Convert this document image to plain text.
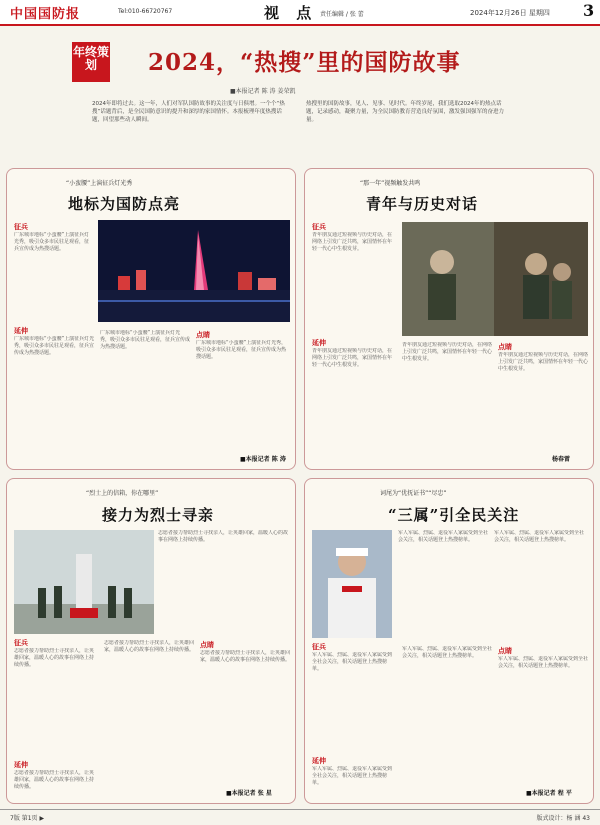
中国国防报	Tel:010-66720767	视 点 责任编辑 / 张 蕾	2024年12月26日 星期四 3
年终策划	2024，“热搜”里的国防故事
■本报记者 陈 涛 姜荣凯
2024年即将过去。这一年，人们对军队国防故事的关注度与日俱增。一个个“热搜”话题背后，是全民国防意识的提升和深厚的家国情怀。本报梳理年度热搜话题，回望那些动人瞬间。
热搜里的国防故事，见人、见事、见时代。年终岁尾，我们选取2024年的热点话题，记录感动，凝聚力量，为全民国防教育营造良好氛围，激发强国强军的奋进力量。
“小蛮腰”上演征兵灯光秀
地标为国防点亮
征兵
广东城市地标“小蛮腰”上演征兵灯光秀，吸引众多市民驻足观看，征兵宣传成为热搜话题。
延伸
广东城市地标“小蛮腰”上演征兵灯光秀，吸引众多市民驻足观看，征兵宣传成为热搜话题。
广东城市地标“小蛮腰”上演征兵灯光秀，吸引众多市民驻足观看，征兵宣传成为热搜话题。
点睛
广东城市地标“小蛮腰”上演征兵灯光秀，吸引众多市民驻足观看，征兵宣传成为热搜话题。
■本报记者 陈 涛
“那一年”视频触发共鸣
青年与历史对话
征兵
青年朋友通过短视频与历史对话，在网络上引发广泛共鸣，家国情怀在年轻一代心中生根发芽。
延伸
青年朋友通过短视频与历史对话，在网络上引发广泛共鸣，家国情怀在年轻一代心中生根发芽。
青年朋友通过短视频与历史对话，在网络上引发广泛共鸣，家国情怀在年轻一代心中生根发芽。
点睛
青年朋友通过短视频与历史对话，在网络上引发广泛共鸣，家国情怀在年轻一代心中生根发芽。
杨春雷
“烈士上的信箱，你在哪里”
接力为烈士寻亲
征兵
志愿者接力帮助烈士寻找亲人，让英雄回家，温暖人心的故事在网络上持续传播。
延伸
志愿者接力帮助烈士寻找亲人，让英雄回家，温暖人心的故事在网络上持续传播。
志愿者接力帮助烈士寻找亲人，让英雄回家，温暖人心的故事在网络上持续传播。
志愿者接力帮助烈士寻找亲人，让英雄回家，温暖人心的故事在网络上持续传播。
点睛
志愿者接力帮助烈士寻找亲人，让英雄回家，温暖人心的故事在网络上持续传播。
■本报记者 张 星
词尾为“优抚证书”“尽忠”
“三属”引全民关注
军人军属、烈属、退役军人家属受到全社会关注，相关话题登上热搜榜单。
军人军属、烈属、退役军人家属受到全社会关注，相关话题登上热搜榜单。
征兵
军人军属、烈属、退役军人家属受到全社会关注，相关话题登上热搜榜单。
延伸
军人军属、烈属、退役军人家属受到全社会关注，相关话题登上热搜榜单。
军人军属、烈属、退役军人家属受到全社会关注，相关话题登上热搜榜单。
点睛
军人军属、烈属、退役军人家属受到全社会关注，相关话题登上热搜榜单。
■本报记者 程 平
7版 第1页 ▶	版式设计：杨 涵 43
